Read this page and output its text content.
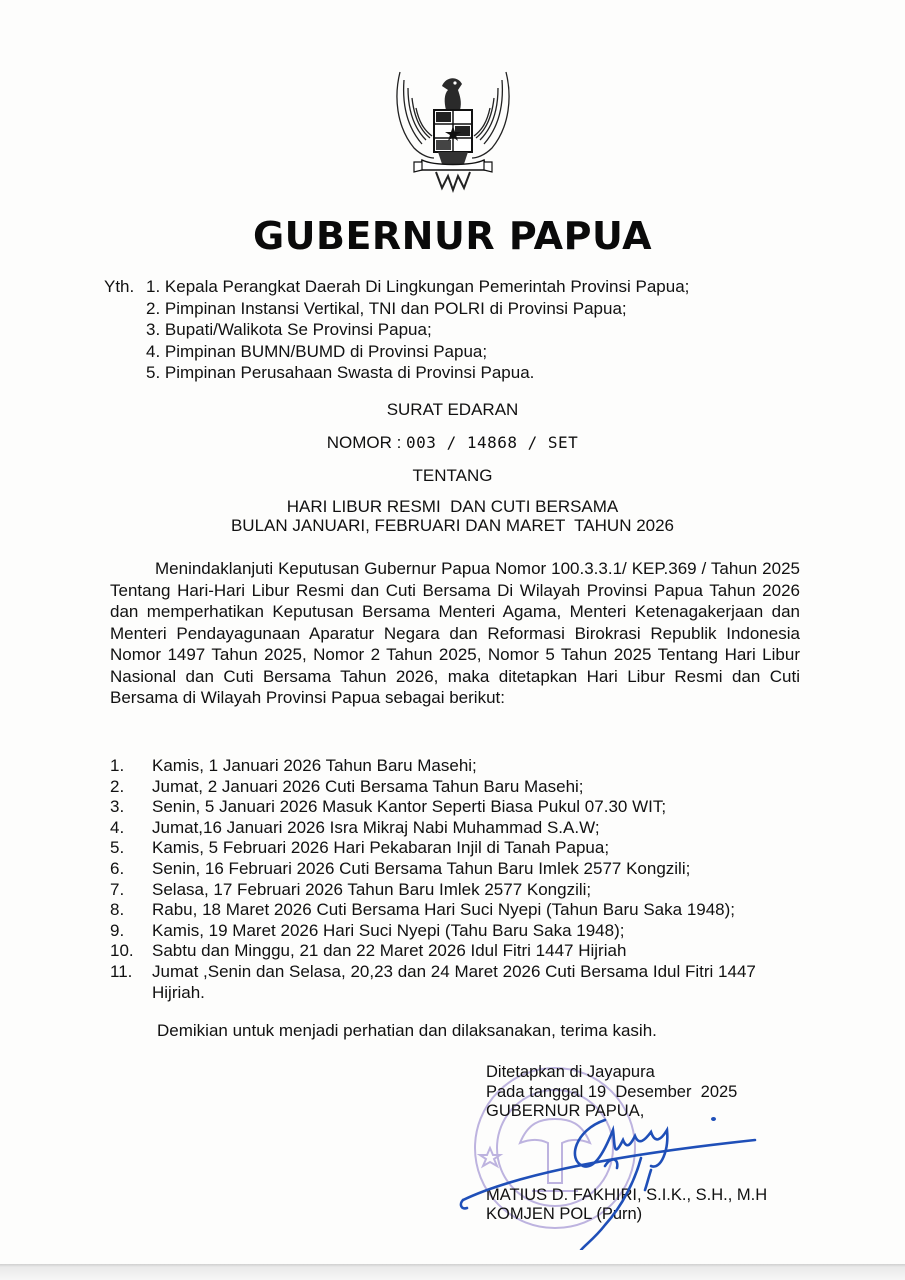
GUBERNUR PAPUA
Yth. 1. Kepala Perangkat Daerah Di Lingkungan Pemerintah Provinsi Papua;
2. Pimpinan Instansi Vertikal, TNI dan POLRI di Provinsi Papua;
3. Bupati/Walikota Se Provinsi Papua;
4. Pimpinan BUMN/BUMD di Provinsi Papua;
5. Pimpinan Perusahaan Swasta di Provinsi Papua.
SURAT EDARAN
NOMOR : 003 / 14868 / SET
TENTANG
HARI LIBUR RESMI  DAN CUTI BERSAMA
BULAN JANUARI, FEBRUARI DAN MARET  TAHUN 2026
Menindaklanjuti Keputusan Gubernur Papua Nomor 100.3.3.1/ KEP.369 / Tahun 2025 Tentang Hari-Hari Libur Resmi dan Cuti Bersama Di Wilayah Provinsi Papua Tahun 2026 dan memperhatikan Keputusan Bersama Menteri Agama, Menteri Ketenagakerjaan dan Menteri Pendayagunaan Aparatur Negara dan Reformasi Birokrasi Republik Indonesia Nomor 1497 Tahun 2025, Nomor 2 Tahun 2025, Nomor 5 Tahun 2025 Tentang Hari Libur Nasional dan Cuti Bersama Tahun 2026, maka ditetapkan Hari Libur Resmi dan Cuti Bersama di Wilayah Provinsi Papua sebagai berikut:
1.	Kamis, 1 Januari 2026 Tahun Baru Masehi;
2.	Jumat, 2 Januari 2026 Cuti Bersama Tahun Baru Masehi;
3.	Senin, 5 Januari 2026 Masuk Kantor Seperti Biasa Pukul 07.30 WIT;
4.	Jumat,16 Januari 2026 Isra Mikraj Nabi Muhammad S.A.W;
5.	Kamis, 5 Februari 2026 Hari Pekabaran Injil di Tanah Papua;
6.	Senin, 16 Februari 2026 Cuti Bersama Tahun Baru Imlek 2577 Kongzili;
7.	Selasa, 17 Februari 2026 Tahun Baru Imlek 2577 Kongzili;
8.	Rabu, 18 Maret 2026 Cuti Bersama Hari Suci Nyepi (Tahun Baru Saka 1948);
9.	Kamis, 19 Maret 2026 Hari Suci Nyepi (Tahu Baru Saka 1948);
10.	Sabtu dan Minggu, 21 dan 22 Maret 2026 Idul Fitri 1447 Hijriah
11.	Jumat ,Senin dan Selasa, 20,23 dan 24 Maret 2026 Cuti Bersama Idul Fitri 1447 Hijriah.
Demikian untuk menjadi perhatian dan dilaksanakan, terima kasih.
Ditetapkan di Jayapura
Pada tanggal 19  Desember  2025
GUBERNUR PAPUA,
MATIUS D. FAKHIRI, S.I.K., S.H., M.H
KOMJEN POL (Purn)
